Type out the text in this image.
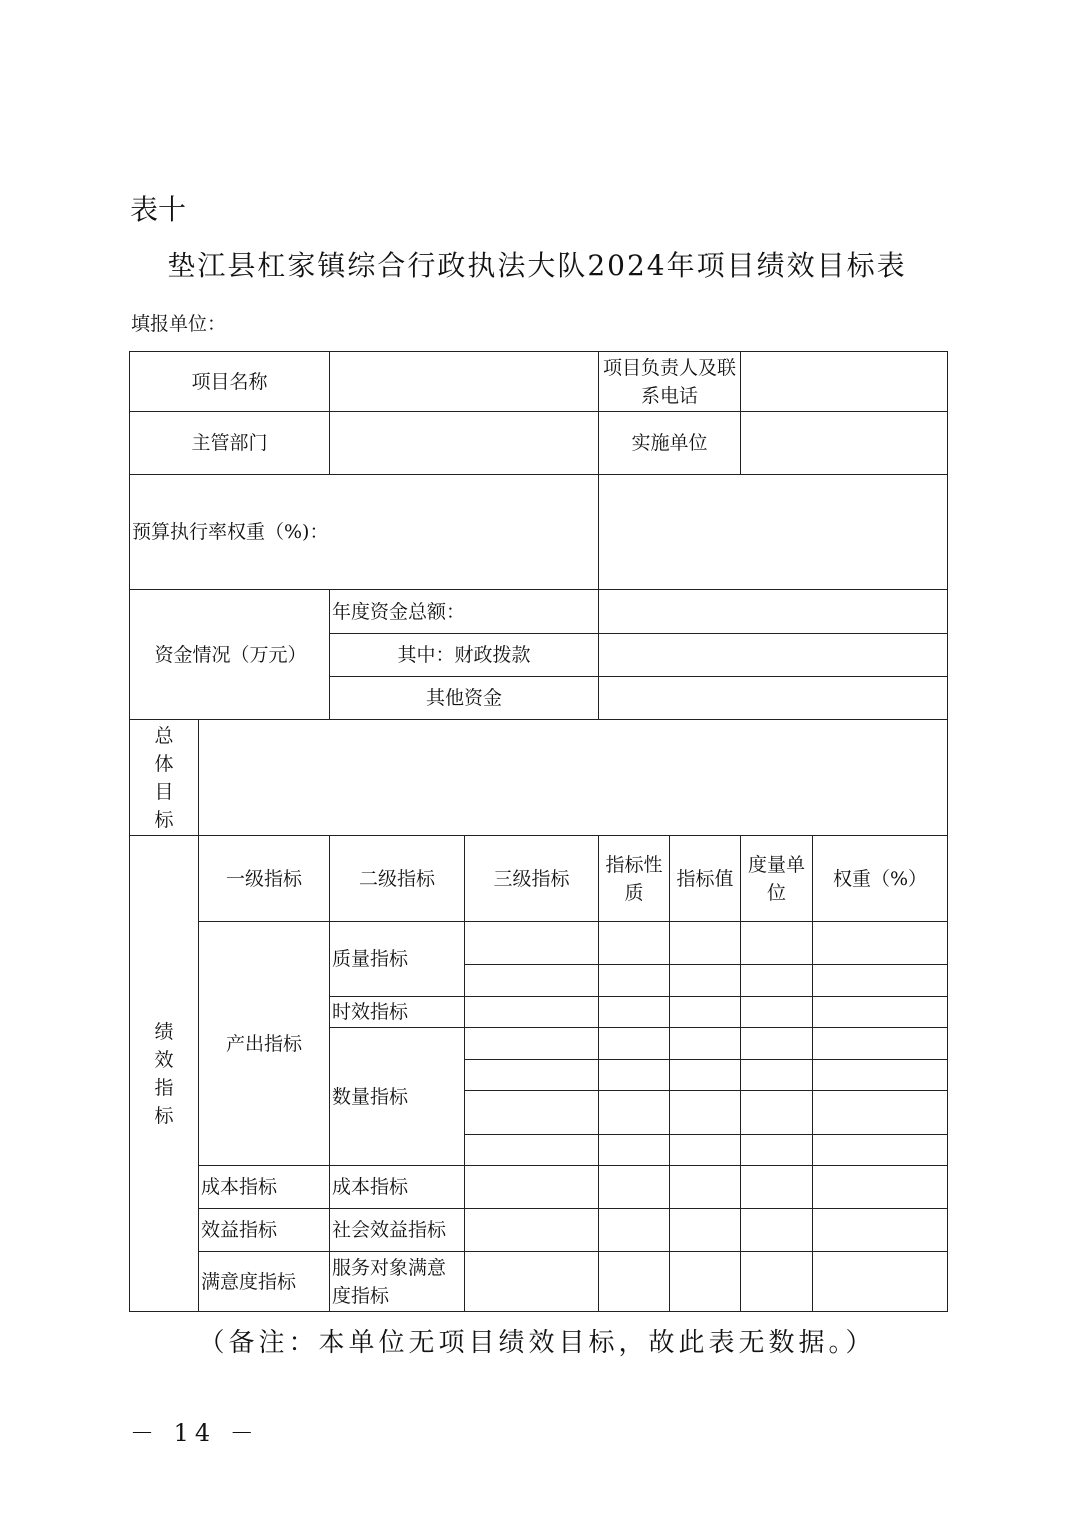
表十
垫江县杠家镇综合行政执法大队2024年项目绩效目标表
填报单位：
项目名称				项目负责人及联系电话			
主管部门				实施单位			
预算执行率权重（%)：							
资金情况（万元）		年度资金总额：					
		其中：财政拨款					
		其他资金					
总体目标							
绩效指标	一级指标	二级指标	三级指标	指标性质	指标值	度量单位	权重（%）
	产出指标	质量指标					

		时效指标					
		数量指标					

	成本指标	成本指标					
	效益指标	社会效益指标					
	满意度指标	服务对象满意度指标					
（备注：本单位无项目绩效目标，故此表无数据。）
－ 14 －
